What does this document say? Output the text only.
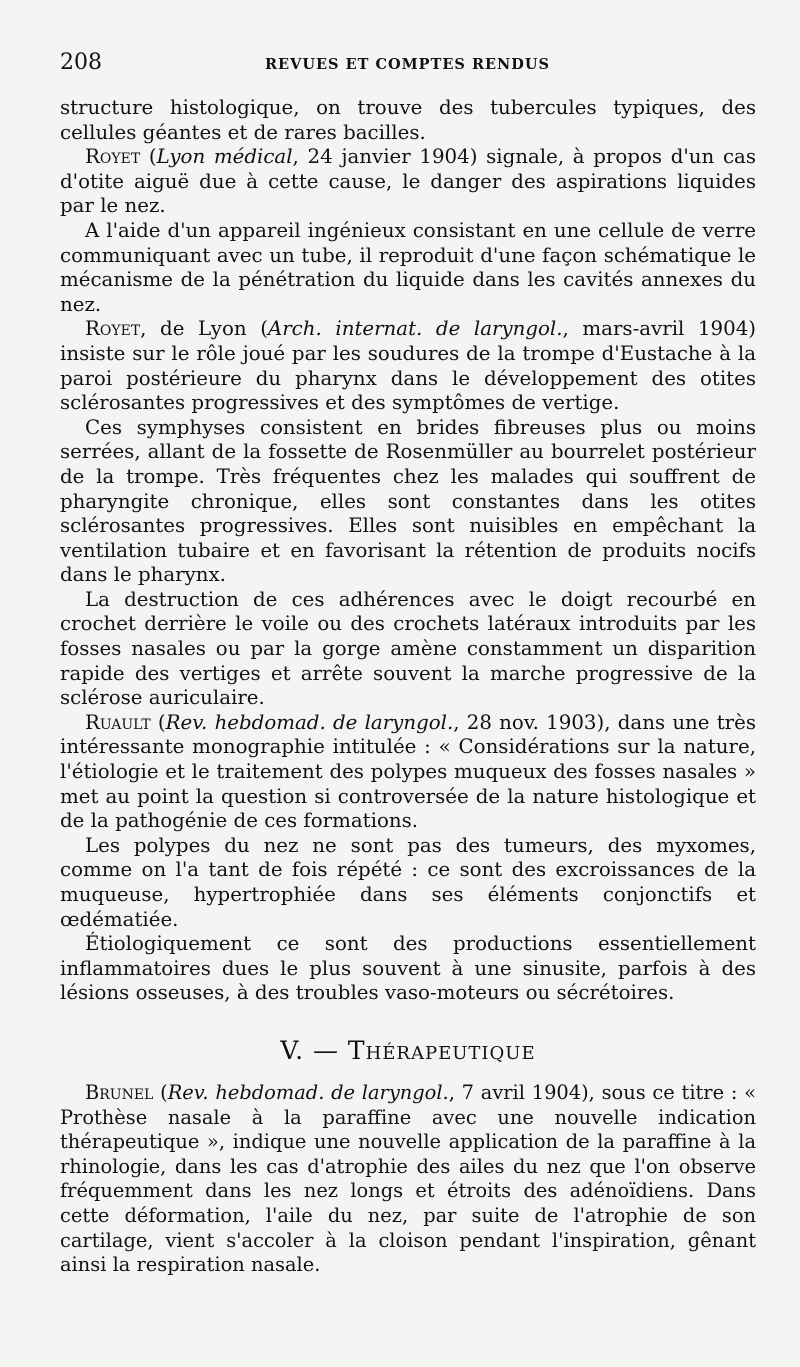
208	REVUES ET COMPTES RENDUS

structure histologique, on trouve des tubercules typiques, des cellules géantes et de rares bacilles.

Royet (Lyon médical, 24 janvier 1904) signale, à propos d'un cas d'otite aiguë due à cette cause, le danger des aspirations liquides par le nez.

A l'aide d'un appareil ingénieux consistant en une cellule de verre communiquant avec un tube, il reproduit d'une façon schématique le mécanisme de la pénétration du liquide dans les cavités annexes du nez.

Royet, de Lyon (Arch. internat. de laryngol., mars-avril 1904) insiste sur le rôle joué par les soudures de la trompe d'Eustache à la paroi postérieure du pharynx dans le développement des otites sclérosantes progressives et des symptômes de vertige.

Ces symphyses consistent en brides fibreuses plus ou moins serrées, allant de la fossette de Rosenmüller au bourrelet postérieur de la trompe. Très fréquentes chez les malades qui souffrent de pharyngite chronique, elles sont constantes dans les otites sclérosantes progressives. Elles sont nuisibles en empêchant la ventilation tubaire et en favorisant la rétention de produits nocifs dans le pharynx.

La destruction de ces adhérences avec le doigt recourbé en crochet derrière le voile ou des crochets latéraux introduits par les fosses nasales ou par la gorge amène constamment un disparition rapide des vertiges et arrête souvent la marche progressive de la sclérose auriculaire.

Ruault (Rev. hebdomad. de laryngol., 28 nov. 1903), dans une très intéressante monographie intitulée : « Considérations sur la nature, l'étiologie et le traitement des polypes muqueux des fosses nasales » met au point la question si controversée de la nature histologique et de la pathogénie de ces formations.

Les polypes du nez ne sont pas des tumeurs, des myxomes, comme on l'a tant de fois répété : ce sont des excroissances de la muqueuse, hypertrophiée dans ses éléments conjonctifs et œdématiée.

Étiologiquement ce sont des productions essentiellement inflammatoires dues le plus souvent à une sinusite, parfois à des lésions osseuses, à des troubles vaso-moteurs ou sécrétoires.

V. — Thérapeutique

Brunel (Rev. hebdomad. de laryngol., 7 avril 1904), sous ce titre : « Prothèse nasale à la paraffine avec une nouvelle indication thérapeutique », indique une nouvelle application de la paraffine à la rhinologie, dans les cas d'atrophie des ailes du nez que l'on observe fréquemment dans les nez longs et étroits des adénoïdiens. Dans cette déformation, l'aile du nez, par suite de l'atrophie de son cartilage, vient s'accoler à la cloison pendant l'inspiration, gênant ainsi la respiration nasale.
